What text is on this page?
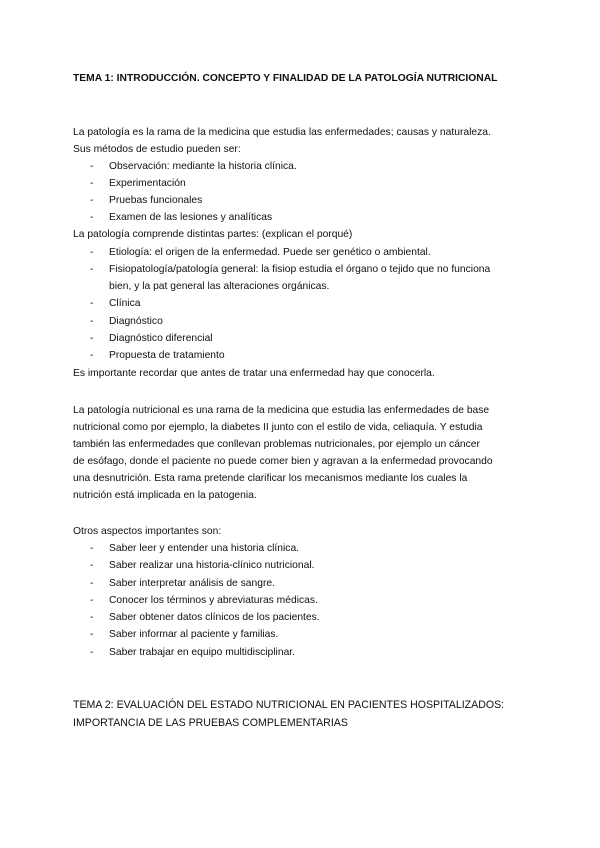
TEMA 1: INTRODUCCIÓN. CONCEPTO Y FINALIDAD DE LA PATOLOGÍA NUTRICIONAL
La patología es la rama de la medicina que estudia las enfermedades; causas y naturaleza.
Sus métodos de estudio pueden ser:
- Observación: mediante la historia clínica.
- Experimentación
- Pruebas funcionales
- Examen de las lesiones y analíticas
La patología comprende distintas partes: (explican el porqué)
- Etiología: el origen de la enfermedad. Puede ser genético o ambiental.
- Fisiopatología/patología general: la fisiop estudia el órgano o tejido que no funciona
bien, y la pat general las alteraciones orgánicas.
- Clínica
- Diagnóstico
- Diagnóstico diferencial
- Propuesta de tratamiento
Es importante recordar que antes de tratar una enfermedad hay que conocerla.
La patología nutricional es una rama de la medicina que estudia las enfermedades de base
nutricional como por ejemplo, la diabetes II junto con el estilo de vida, celiaquía. Y estudia
también las enfermedades que conllevan problemas nutricionales, por ejemplo un cáncer
de esófago, donde el paciente no puede comer bien y agravan a la enfermedad provocando
una desnutrición. Esta rama pretende clarificar los mecanismos mediante los cuales la
nutrición está implicada en la patogenia.
Otros aspectos importantes son:
- Saber leer y entender una historia clínica.
- Saber realizar una historia-clínico nutricional.
- Saber interpretar análisis de sangre.
- Conocer los términos y abreviaturas médicas.
- Saber obtener datos clínicos de los pacientes.
- Saber informar al paciente y familias.
- Saber trabajar en equipo multidisciplinar.
TEMA 2: EVALUACIÓN DEL ESTADO NUTRICIONAL EN PACIENTES HOSPITALIZADOS:
IMPORTANCIA DE LAS PRUEBAS COMPLEMENTARIAS
